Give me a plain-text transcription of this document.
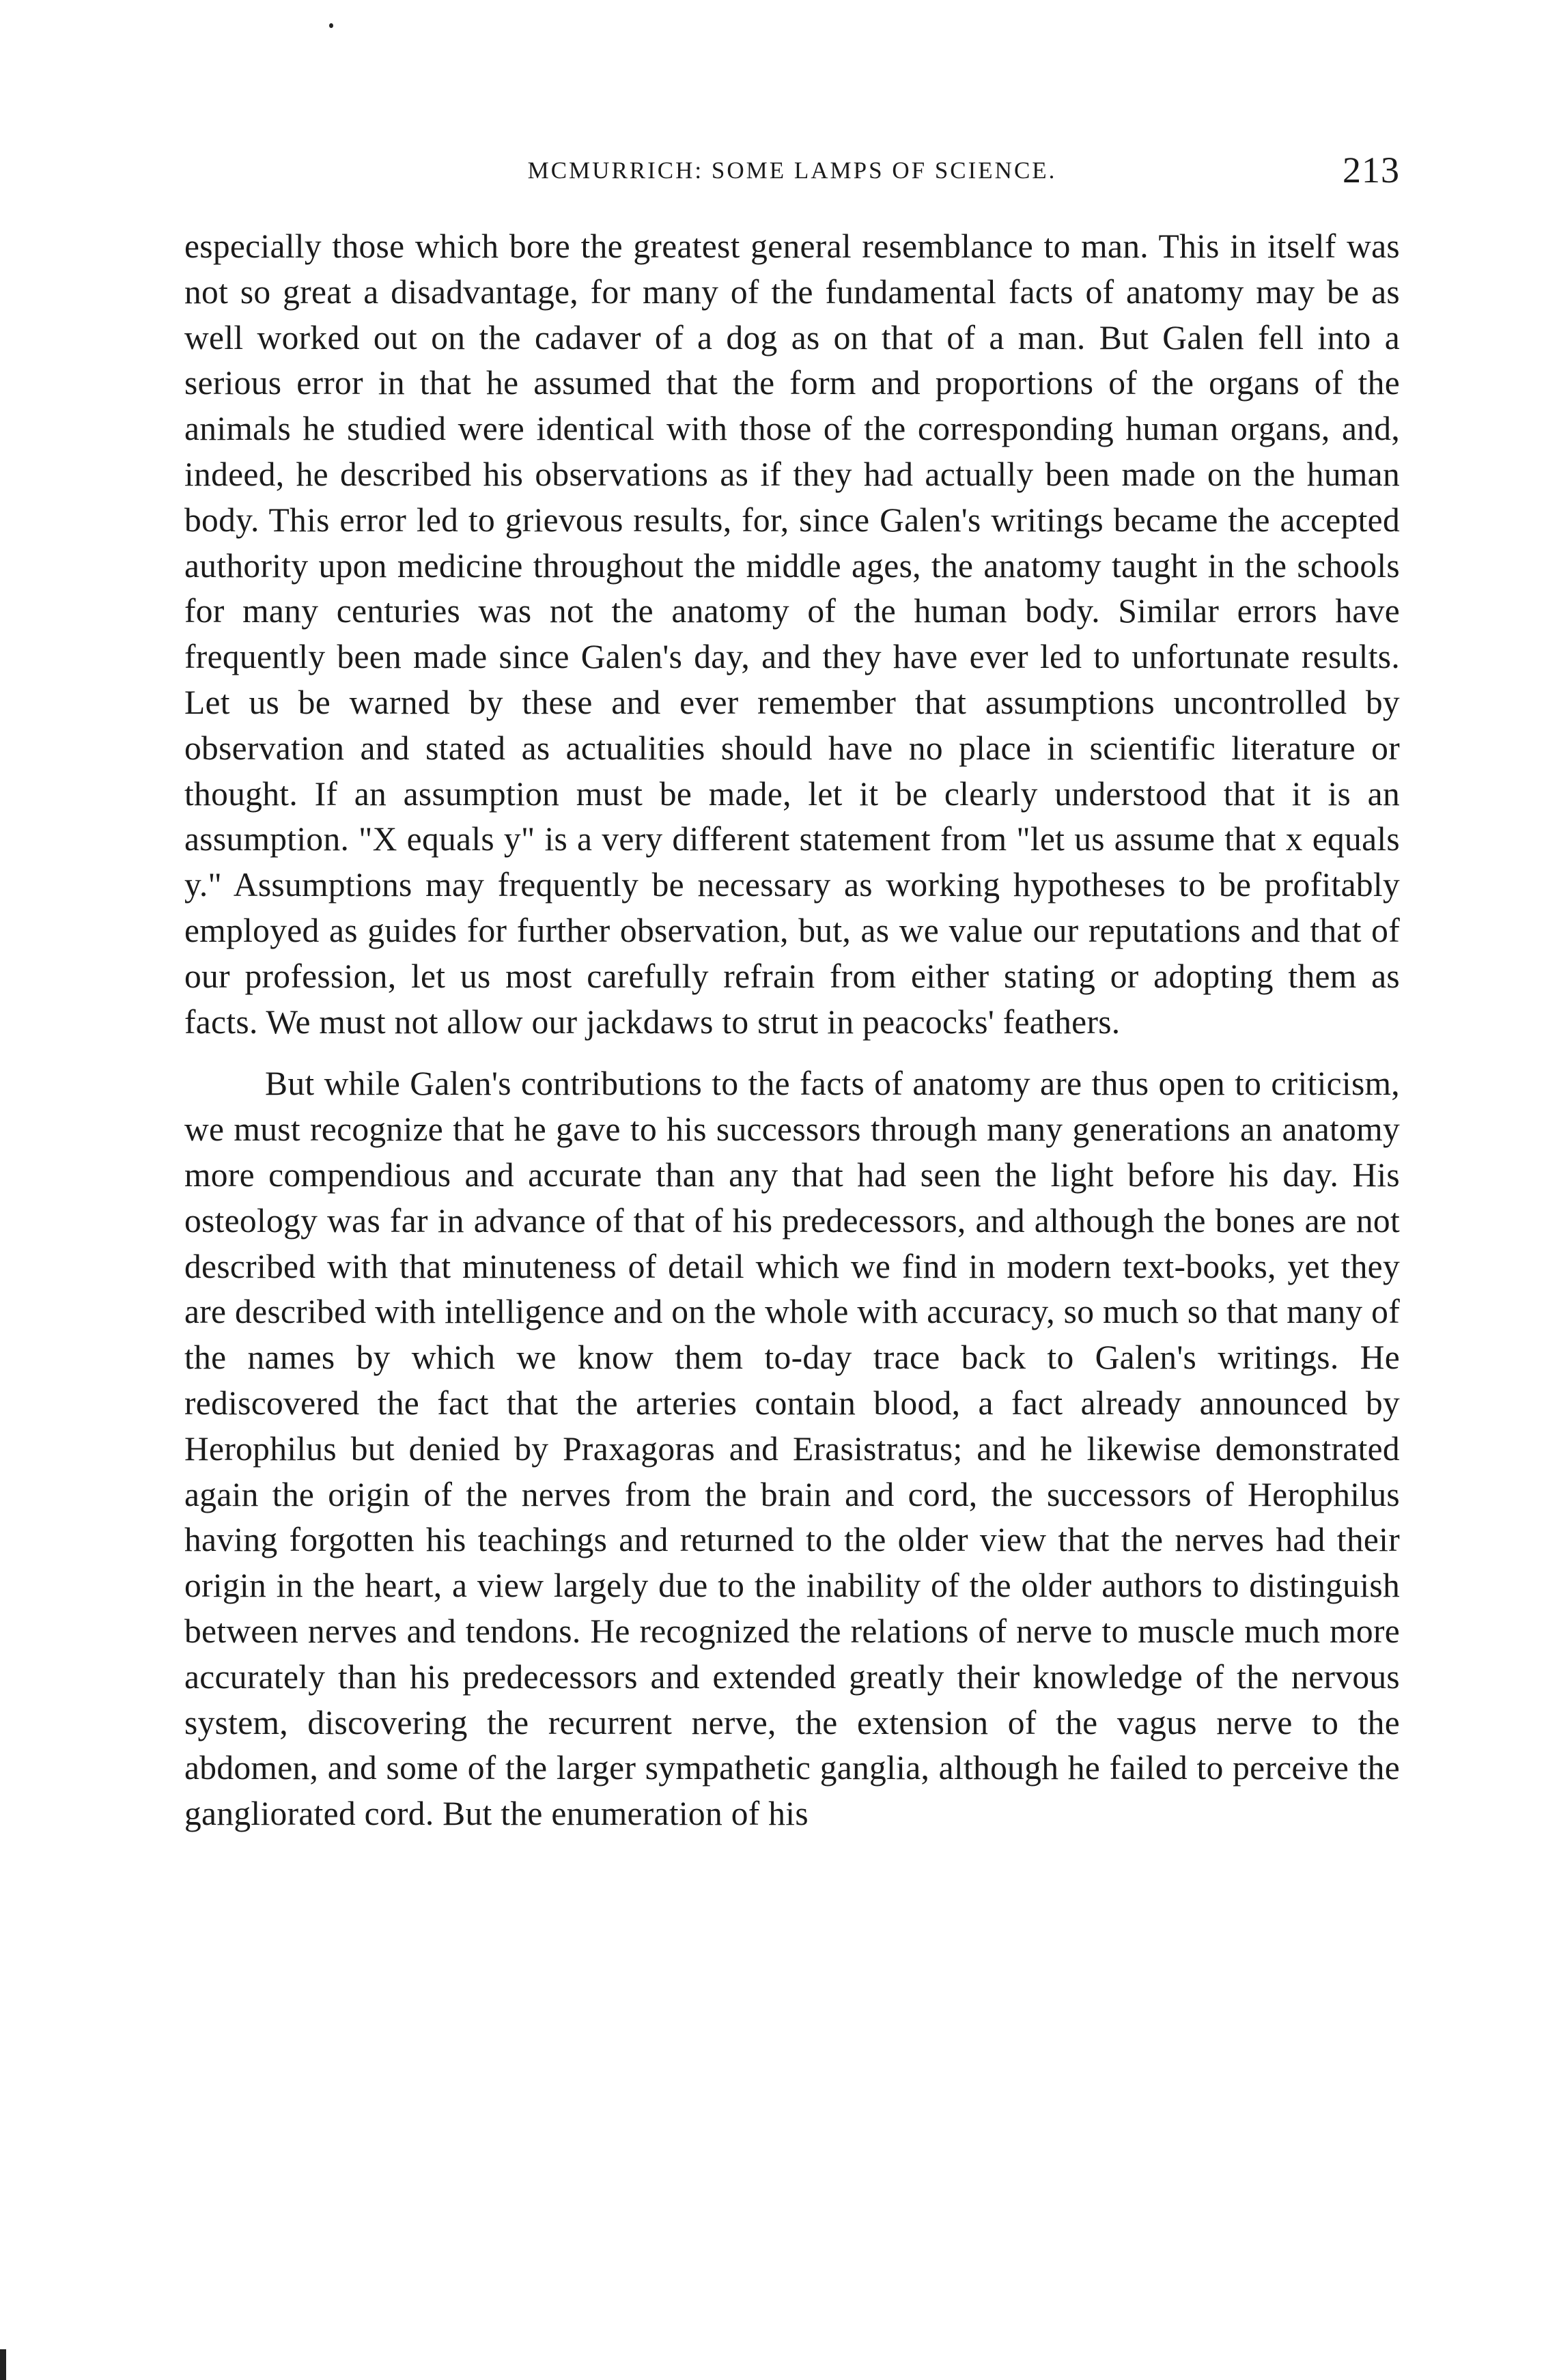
MCMURRICH: SOME LAMPS OF SCIENCE.	213

especially those which bore the greatest general resemblance to man. This in itself was not so great a disadvantage, for many of the fundamental facts of anatomy may be as well worked out on the cadaver of a dog as on that of a man. But Galen fell into a serious error in that he assumed that the form and proportions of the organs of the animals he studied were identical with those of the corresponding human organs, and, indeed, he described his observations as if they had actually been made on the human body. This error led to grievous results, for, since Galen's writings became the accepted authority upon medicine throughout the middle ages, the anatomy taught in the schools for many centuries was not the anatomy of the human body. Similar errors have frequently been made since Galen's day, and they have ever led to unfortunate results. Let us be warned by these and ever remember that assumptions uncontrolled by observation and stated as actualities should have no place in scientific literature or thought. If an assumption must be made, let it be clearly understood that it is an assumption. "X equals y" is a very different statement from "let us assume that x equals y." Assumptions may frequently be necessary as working hypotheses to be profitably employed as guides for further observation, but, as we value our reputations and that of our profession, let us most carefully refrain from either stating or adopting them as facts. We must not allow our jackdaws to strut in peacocks' feathers.

But while Galen's contributions to the facts of anatomy are thus open to criticism, we must recognize that he gave to his successors through many generations an anatomy more compendious and accurate than any that had seen the light before his day. His osteology was far in advance of that of his predecessors, and although the bones are not described with that minuteness of detail which we find in modern text-books, yet they are described with intelligence and on the whole with accuracy, so much so that many of the names by which we know them to-day trace back to Galen's writings. He rediscovered the fact that the arteries contain blood, a fact already announced by Herophilus but denied by Praxagoras and Erasistratus; and he likewise demonstrated again the origin of the nerves from the brain and cord, the successors of Herophilus having forgotten his teachings and returned to the older view that the nerves had their origin in the heart, a view largely due to the inability of the older authors to distinguish between nerves and tendons. He recognized the relations of nerve to muscle much more accurately than his predecessors and extended greatly their knowledge of the nervous system, discovering the recurrent nerve, the extension of the vagus nerve to the abdomen, and some of the larger sympathetic ganglia, although he failed to perceive the gangliorated cord. But the enumeration of his
